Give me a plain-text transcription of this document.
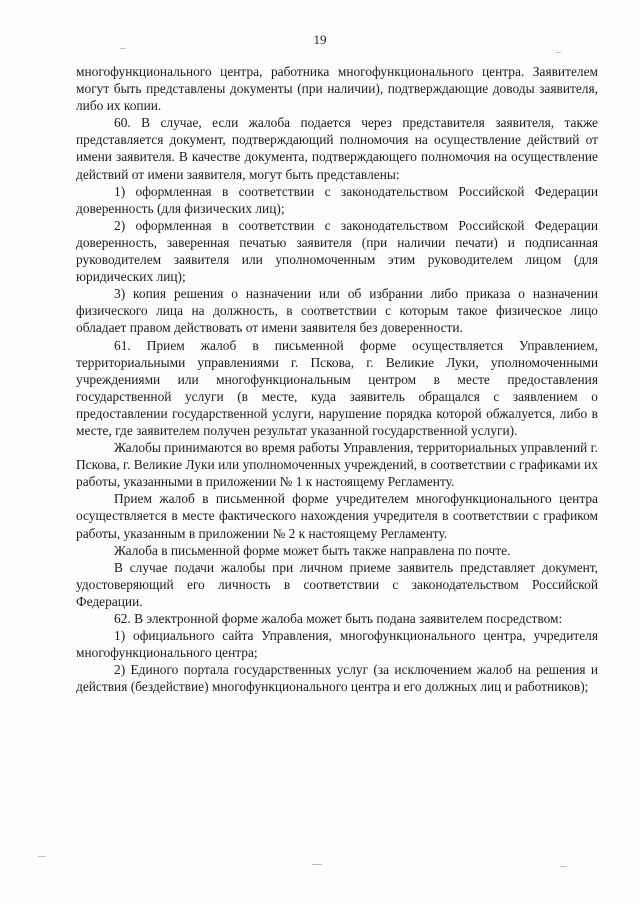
19

многофункционального центра, работника многофункционального центра. Заявителем могут быть представлены документы (при наличии), подтверждающие доводы заявителя, либо их копии.

60. В случае, если жалоба подается через представителя заявителя, также представляется документ, подтверждающий полномочия на осуществление действий от имени заявителя. В качестве документа, подтверждающего полномочия на осуществление действий от имени заявителя, могут быть представлены:

1) оформленная в соответствии с законодательством Российской Федерации доверенность (для физических лиц);

2) оформленная в соответствии с законодательством Российской Федерации доверенность, заверенная печатью заявителя (при наличии печати) и подписанная руководителем заявителя или уполномоченным этим руководителем лицом (для юридических лиц);

3) копия решения о назначении или об избрании либо приказа о назначении физического лица на должность, в соответствии с которым такое физическое лицо обладает правом действовать от имени заявителя без доверенности.

61. Прием жалоб в письменной форме осуществляется Управлением, территориальными управлениями г. Пскова, г. Великие Луки, уполномоченными учреждениями или многофункциональным центром в месте предоставления государственной услуги (в месте, куда заявитель обращался с заявлением о предоставлении государственной услуги, нарушение порядка которой обжалуется, либо в месте, где заявителем получен результат указанной государственной услуги).

Жалобы принимаются во время работы Управления, территориальных управлений г. Пскова, г. Великие Луки или уполномоченных учреждений, в соответствии с графиками их работы, указанными в приложении № 1 к настоящему Регламенту.

Прием жалоб в письменной форме учредителем многофункционального центра осуществляется в месте фактического нахождения учредителя в соответствии с графиком работы, указанным в приложении № 2 к настоящему Регламенту.

Жалоба в письменной форме может быть также направлена по почте.

В случае подачи жалобы при личном приеме заявитель представляет документ, удостоверяющий его личность в соответствии с законодательством Российской Федерации.

62. В электронной форме жалоба может быть подана заявителем посредством:

1) официального сайта Управления, многофункционального центра, учредителя многофункционального центра;

2) Единого портала государственных услуг (за исключением жалоб на решения и действия (бездействие) многофункционального центра и его должных лиц и работников);
